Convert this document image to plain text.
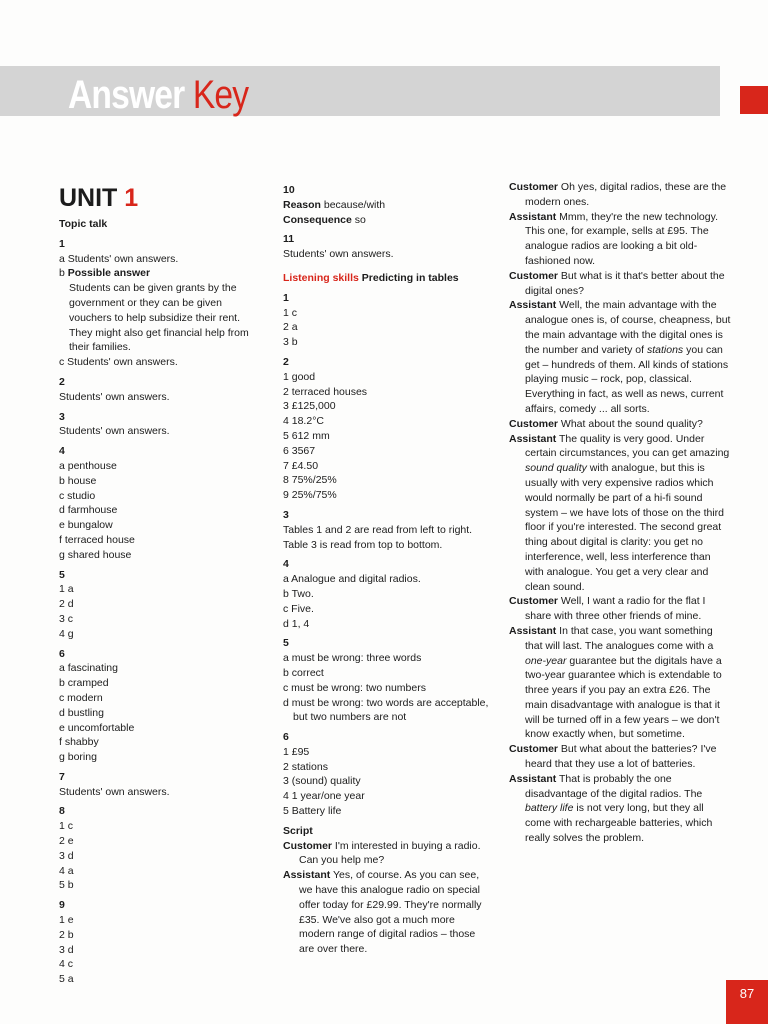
Answer Key
UNIT 1
Topic talk
1
a Students' own answers.
b Possible answer
Students can be given grants by the government or they can be given vouchers to help subsidize their rent. They might also get financial help from their families.
c Students' own answers.
2
Students' own answers.
3
Students' own answers.
4
a penthouse
b house
c studio
d farmhouse
e bungalow
f terraced house
g shared house
5
1 a
2 d
3 c
4 g
6
a fascinating
b cramped
c modern
d bustling
e uncomfortable
f shabby
g boring
7
Students' own answers.
8
1 c
2 e
3 d
4 a
5 b
9
1 e
2 b
3 d
4 c
5 a
10
Reason because/with
Consequence so
11
Students' own answers.
Listening skills Predicting in tables
1
1 c
2 a
3 b
2
1 good
2 terraced houses
3 £125,000
4 18.2°C
5 612 mm
6 3567
7 £4.50
8 75%/25%
9 25%/75%
3
Tables 1 and 2 are read from left to right.
Table 3 is read from top to bottom.
4
a Analogue and digital radios.
b Two.
c Five.
d 1, 4
5
a must be wrong: three words
b correct
c must be wrong: two numbers
d must be wrong: two words are acceptable, but two numbers are not
6
1 £95
2 stations
3 (sound) quality
4 1 year/one year
5 Battery life
Script

Customer I'm interested in buying a radio. Can you help me?

Assistant Yes, of course. As you can see, we have this analogue radio on special offer today for £29.99. They're normally £35. We've also got a much more modern range of digital radios – those are over there.

Customer Oh yes, digital radios, these are the modern ones.

Assistant Mmm, they're the new technology. This one, for example, sells at £95. The analogue radios are looking a bit old-fashioned now.

Customer But what is it that's better about the digital ones?

Assistant Well, the main advantage with the analogue ones is, of course, cheapness, but the main advantage with the digital ones is the number and variety of stations you can get – hundreds of them. All kinds of stations playing music – rock, pop, classical. Everything in fact, as well as news, current affairs, comedy ... all sorts.

Customer What about the sound quality?

Assistant The quality is very good. Under certain circumstances, you can get amazing sound quality with analogue, but this is usually with very expensive radios which would normally be part of a hi-fi sound system – we have lots of those on the third floor if you're interested. The second great thing about digital is clarity: you get no interference, well, less interference than with analogue. You get a very clear and clean sound.

Customer Well, I want a radio for the flat I share with three other friends of mine.

Assistant In that case, you want something that will last. The analogues come with a one-year guarantee but the digitals have a two-year guarantee which is extendable to three years if you pay an extra £26. The main disadvantage with analogue is that it will be turned off in a few years – we don't know exactly when, but sometime.

Customer But what about the batteries? I've heard that they use a lot of batteries.

Assistant That is probably the one disadvantage of the digital radios. The battery life is not very long, but they all come with rechargeable batteries, which really solves the problem.

87
